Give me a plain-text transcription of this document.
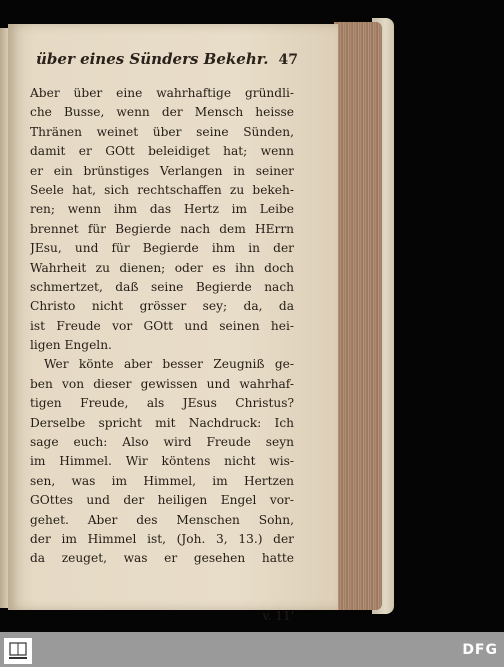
über eines Sünders Bekehr. 47
Aber über eine wahrhaftige gründli-
che Busse, wenn der Mensch heisse
Thränen weinet über seine Sünden,
damit er GOtt beleidiget hat; wenn
er ein brünstiges Verlangen in seiner
Seele hat, sich rechtschaffen zu bekeh-
ren; wenn ihm das Hertz im Leibe
brennet für Begierde nach dem HErrn
JEsu, und für Begierde ihm in der
Wahrheit zu dienen; oder es ihn doch
schmertzet, daß seine Begierde nach
Christo nicht grösser sey; da, da
ist Freude vor GOtt und seinen hei-
ligen Engeln.
Wer könte aber besser Zeugniß ge-
ben von dieser gewissen und wahrhaf-
tigen Freude, als JEsus Christus?
Derselbe spricht mit Nachdruck: Ich
sage euch: Also wird Freude seyn
im Himmel. Wir köntens nicht wis-
sen, was im Himmel, im Hertzen
GOttes und der heiligen Engel vor-
gehet. Aber des Menschen Sohn,
der im Himmel ist, (Joh. 3, 13.) der
da zeuget, was er gesehen hatte
v. 11'
DFG
